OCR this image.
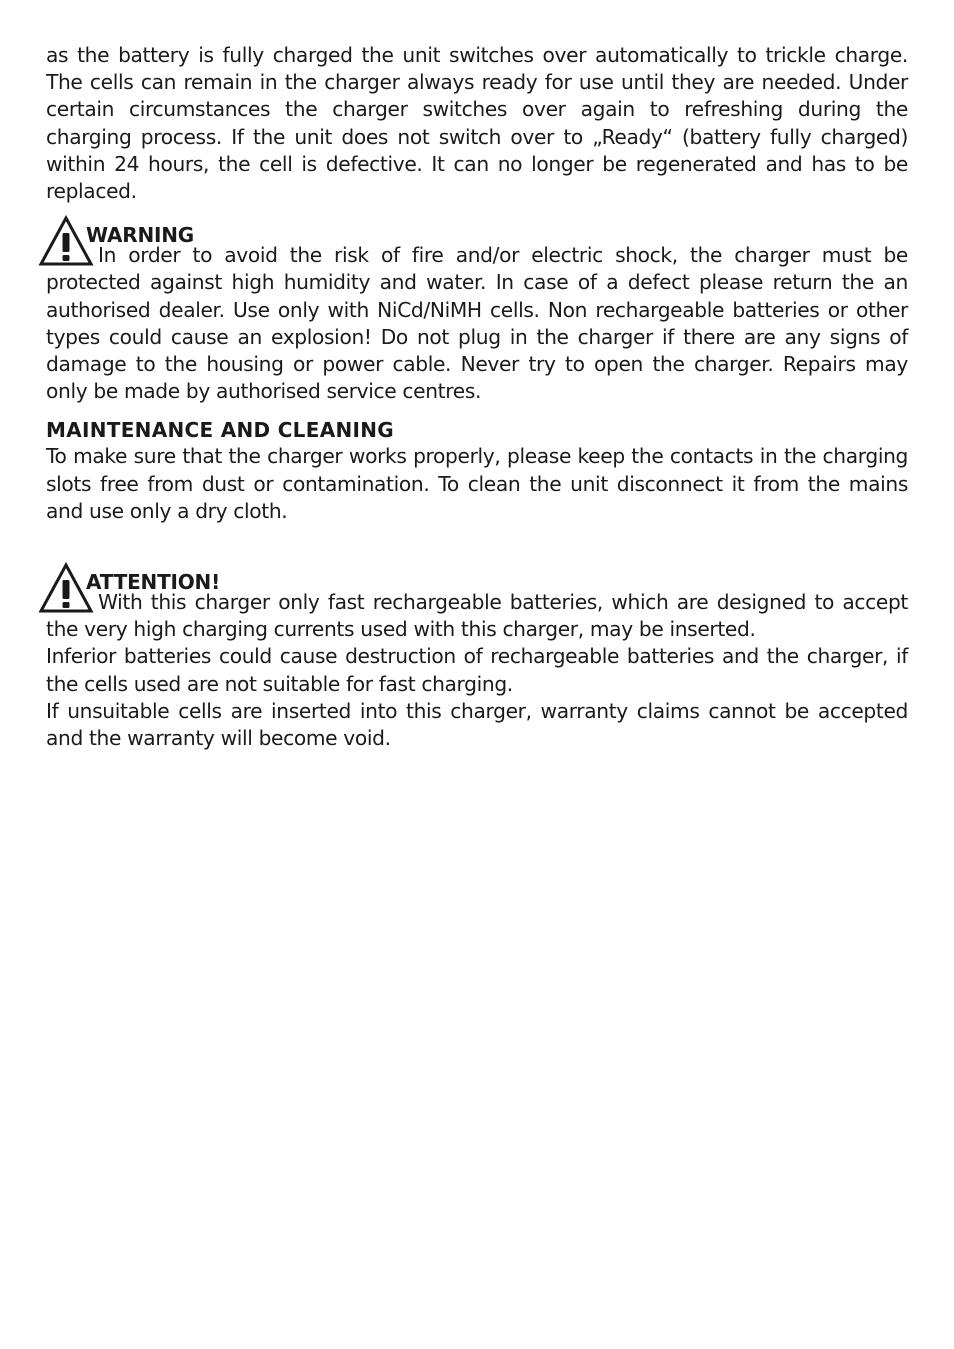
as the battery is fully charged the unit switches over automatically to trickle charge. The cells can remain in the charger always ready for use until they are needed. Under certain circumstances the charger switches over again to refreshing during the charging process. If the unit does not switch over to „Ready“ (battery fully charged) within 24 hours, the cell is defective. It can no longer be regenerated and has to be replaced.

WARNING

In order to avoid the risk of fire and/or electric shock, the charger must be protected against high humidity and water. In case of a defect please return the an authorised dealer. Use only with NiCd/NiMH cells. Non rechargeable batteries or other types could cause an explosion! Do not plug in the charger if there are any signs of damage to the housing or power cable. Never try to open the charger. Repairs may only be made by authorised service centres.

MAINTENANCE AND CLEANING

To make sure that the charger works properly, please keep the contacts in the charging slots free from dust or contamination. To clean the unit disconnect it from the mains and use only a dry cloth.

ATTENTION!

With this charger only fast rechargeable batteries, which are designed to accept the very high charging currents used with this charger, may be inserted.

Inferior batteries could cause destruction of rechargeable batteries and the charger, if the cells used are not suitable for fast charging.

If unsuitable cells are inserted into this charger, warranty claims cannot be accepted and the warranty will become void.
